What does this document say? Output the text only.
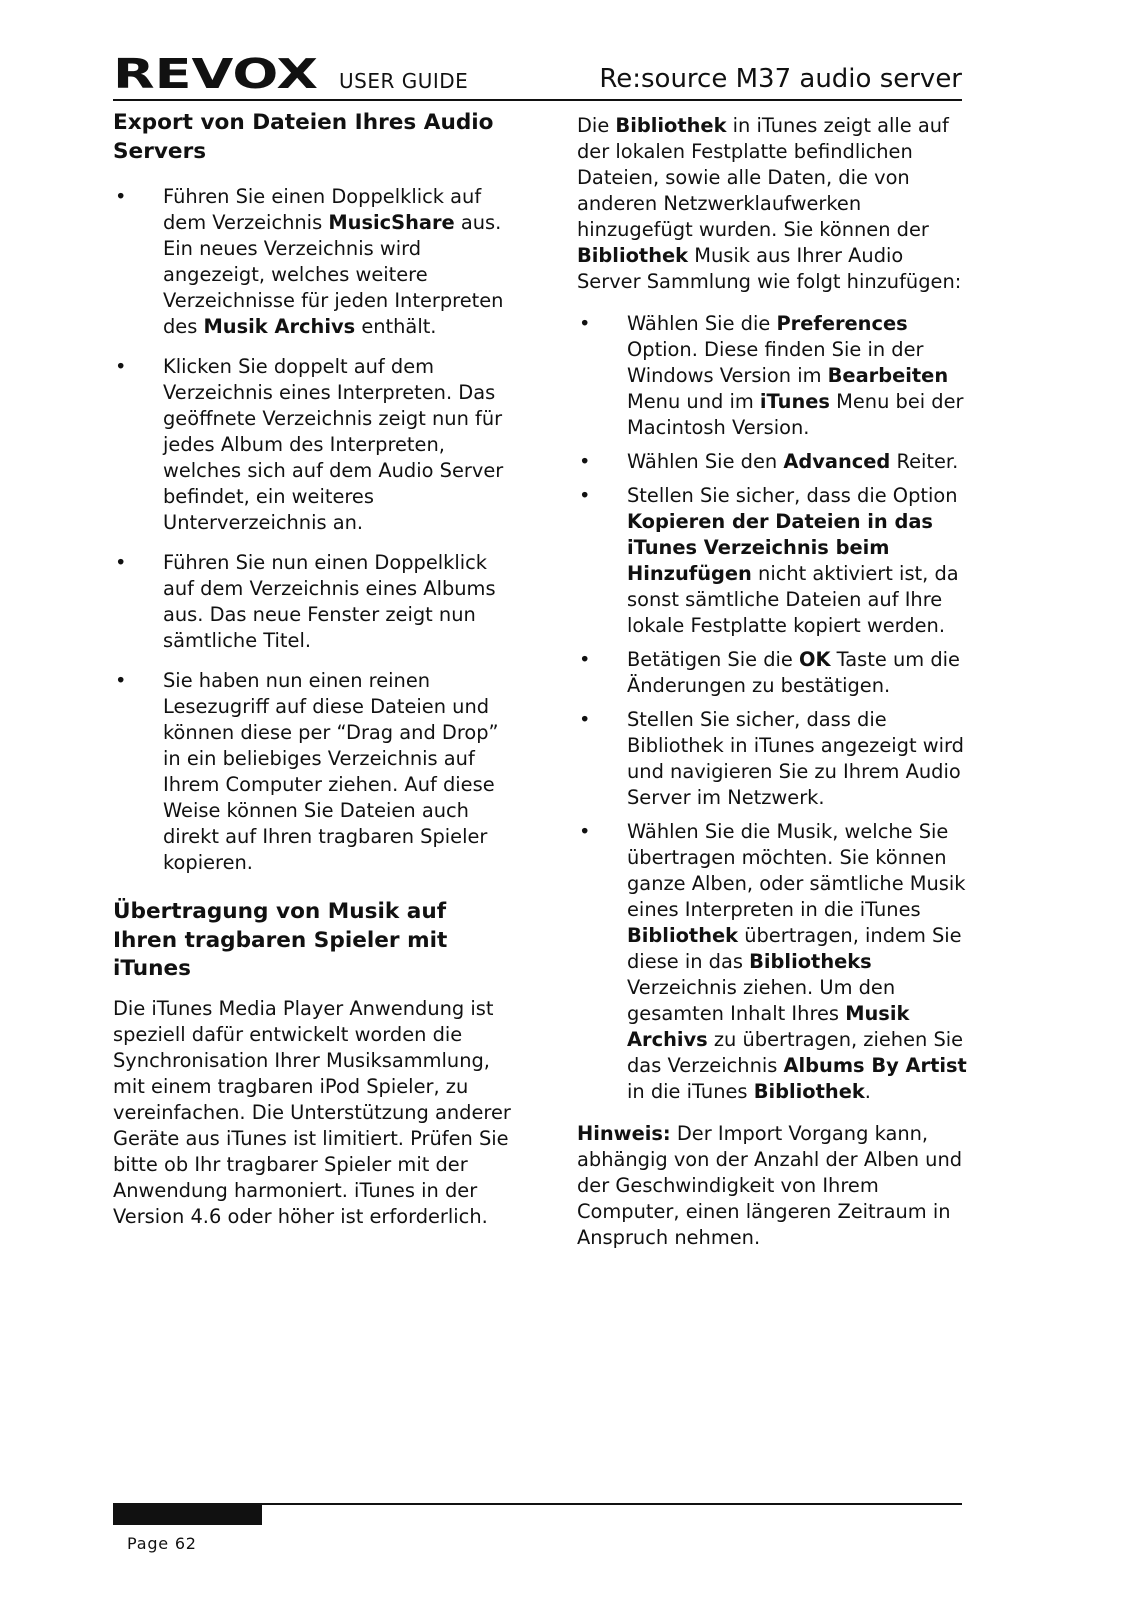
REVOX USER GUIDE	Re:source M37 audio server
Export von Dateien Ihres Audio Servers
• Führen Sie einen Doppelklick auf dem Verzeichnis MusicShare aus. Ein neues Verzeichnis wird angezeigt, welches weitere Verzeichnisse für jeden Interpreten des Musik Archivs enthält.
• Klicken Sie doppelt auf dem Verzeichnis eines Interpreten. Das geöffnete Verzeichnis zeigt nun für jedes Album des Interpreten, welches sich auf dem Audio Server befindet, ein weiteres Unterverzeichnis an.
• Führen Sie nun einen Doppelklick auf dem Verzeichnis eines Albums aus. Das neue Fenster zeigt nun sämtliche Titel.
• Sie haben nun einen reinen Lesezugriff auf diese Dateien und können diese per “Drag and Drop” in ein beliebiges Verzeichnis auf Ihrem Computer ziehen. Auf diese Weise können Sie Dateien auch direkt auf Ihren tragbaren Spieler kopieren.
Übertragung von Musik auf Ihren tragbaren Spieler mit iTunes

Die iTunes Media Player Anwendung ist speziell dafür entwickelt worden die Synchronisation Ihrer Musiksammlung, mit einem tragbaren iPod Spieler, zu vereinfachen. Die Unterstützung anderer Geräte aus iTunes ist limitiert. Prüfen Sie bitte ob Ihr tragbarer Spieler mit der Anwendung harmoniert. iTunes in der Version 4.6 oder höher ist erforderlich.

Die Bibliothek in iTunes zeigt alle auf der lokalen Festplatte befindlichen Dateien, sowie alle Daten, die von anderen Netzwerklaufwerken hinzugefügt wurden. Sie können der Bibliothek Musik aus Ihrer Audio Server Sammlung wie folgt hinzufügen:

• Wählen Sie die Preferences Option. Diese finden Sie in der Windows Version im Bearbeiten Menu und im iTunes Menu bei der Macintosh Version.
• Wählen Sie den Advanced Reiter.
• Stellen Sie sicher, dass die Option Kopieren der Dateien in das iTunes Verzeichnis beim Hinzufügen nicht aktiviert ist, da sonst sämtliche Dateien auf Ihre lokale Festplatte kopiert werden.
• Betätigen Sie die OK Taste um die Änderungen zu bestätigen.
• Stellen Sie sicher, dass die Bibliothek in iTunes angezeigt wird und navigieren Sie zu Ihrem Audio Server im Netzwerk.
• Wählen Sie die Musik, welche Sie übertragen möchten. Sie können ganze Alben, oder sämtliche Musik eines Interpreten in die iTunes Bibliothek übertragen, indem Sie diese in das Bibliotheks Verzeichnis ziehen. Um den gesamten Inhalt Ihres Musik Archivs zu übertragen, ziehen Sie das Verzeichnis Albums By Artist in die iTunes Bibliothek.

Hinweis: Der Import Vorgang kann, abhängig von der Anzahl der Alben und der Geschwindigkeit von Ihrem Computer, einen längeren Zeitraum in Anspruch nehmen.

Page 62
